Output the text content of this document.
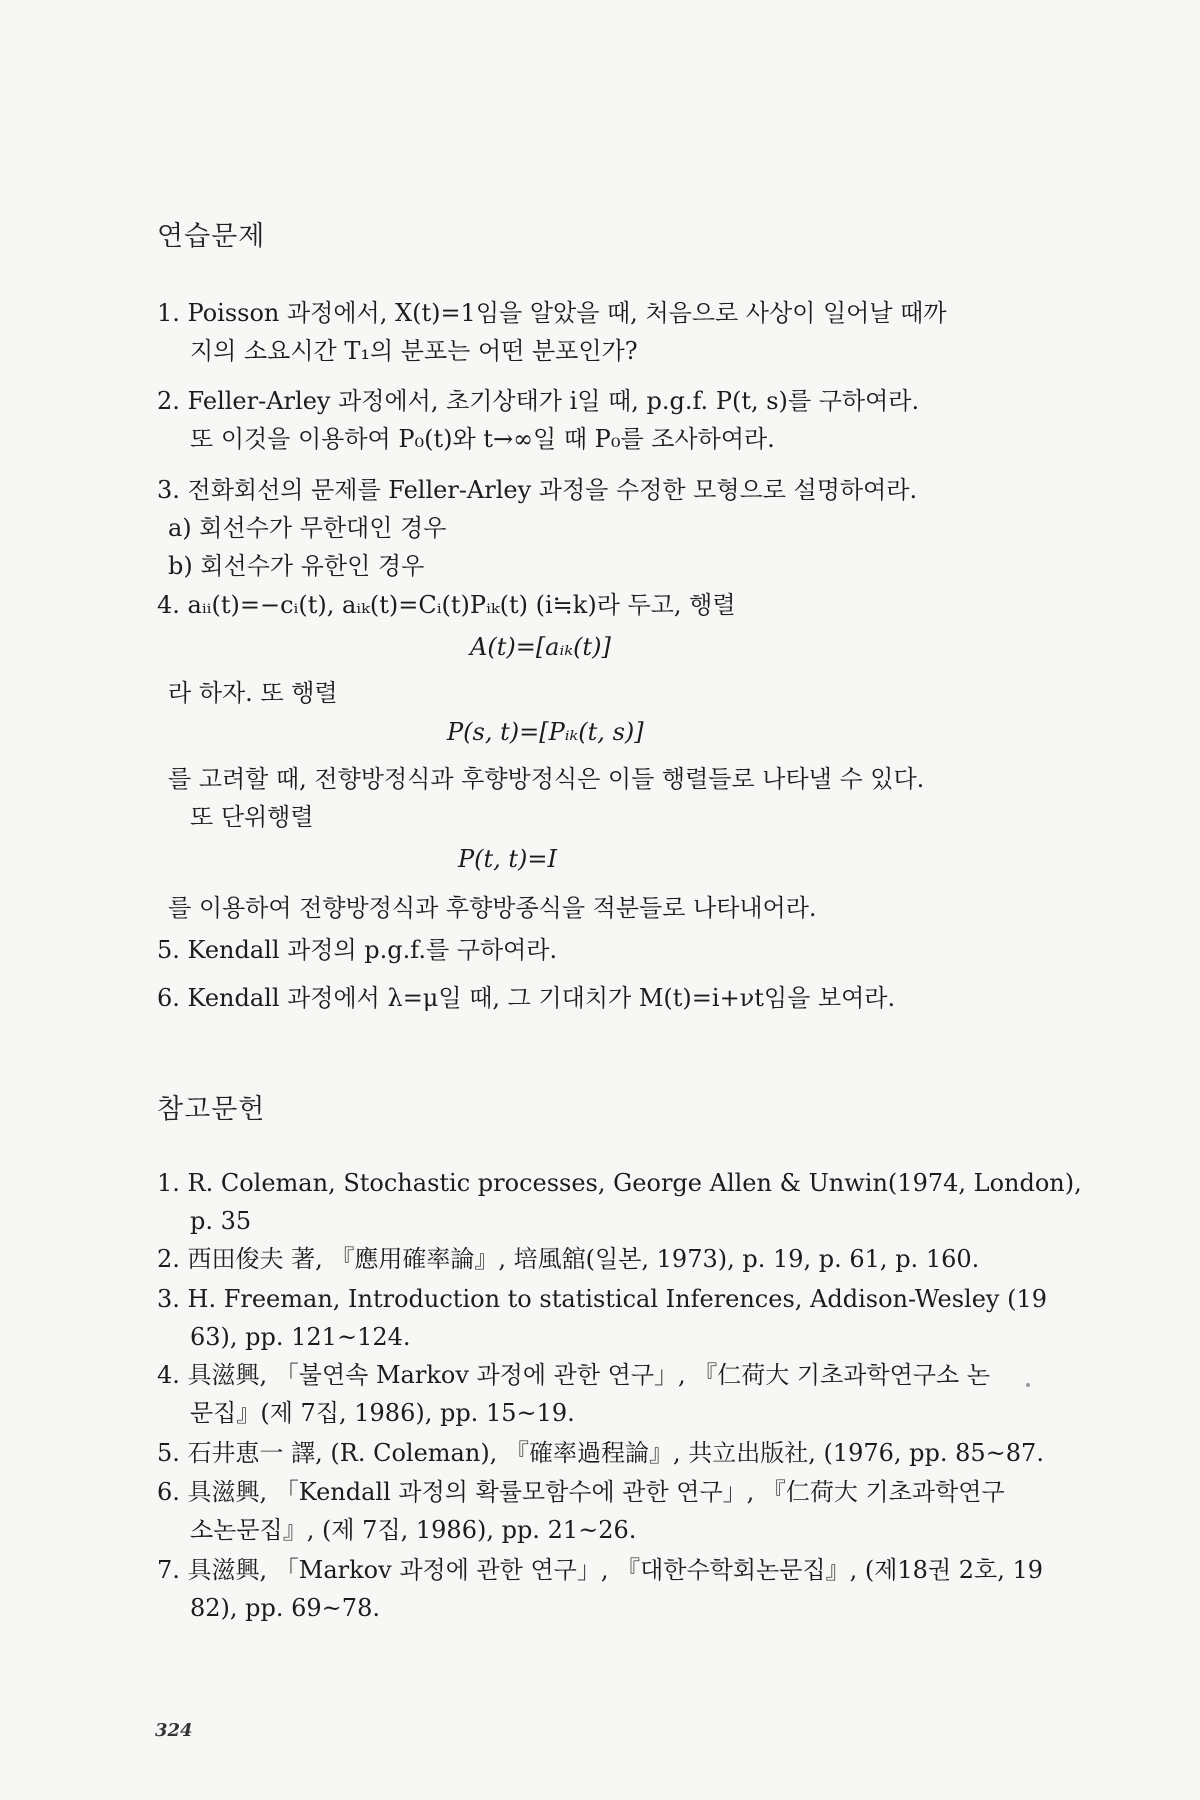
연습문제
1. Poisson 과정에서, X(t)=1임을 알았을 때, 처음으로 사상이 일어날 때까
지의 소요시간 T₁의 분포는 어떤 분포인가?
2. Feller-Arley 과정에서, 초기상태가 i일 때, p.g.f. P(t, s)를 구하여라.
또 이것을 이용하여 P₀(t)와 t→∞일 때 P₀를 조사하여라.
3. 전화회선의 문제를 Feller-Arley 과정을 수정한 모형으로 설명하여라.
a) 회선수가 무한대인 경우
b) 회선수가 유한인 경우
4. aᵢᵢ(t)=−cᵢ(t), aᵢₖ(t)=Cᵢ(t)Pᵢₖ(t) (i≒k)라 두고, 행렬
A(t)=[aᵢₖ(t)]
라 하자. 또 행렬
P(s, t)=[Pᵢₖ(t, s)]
를 고려할 때, 전향방정식과 후향방정식은 이들 행렬들로 나타낼 수 있다.
또 단위행렬
P(t, t)=I
를 이용하여 전향방정식과 후향방종식을 적분들로 나타내어라.
5. Kendall 과정의 p.g.f.를 구하여라.
6. Kendall 과정에서 λ=μ일 때, 그 기대치가 M(t)=i+νt임을 보여라.
참고문헌
1. R. Coleman, Stochastic processes, George Allen & Unwin(1974, London),
p. 35
2. 西田俊夫 著, 『應用確率論』, 培風舘(일본, 1973), p. 19, p. 61, p. 160.
3. H. Freeman, Introduction to statistical Inferences, Addison-Wesley (19
63), pp. 121~124.
4. 具滋興, 「불연속 Markov 과정에 관한 연구」, 『仁荷大 기초과학연구소 논
문집』(제 7집, 1986), pp. 15~19.
5. 石井恵一 譯, (R. Coleman), 『確率過程論』, 共立出版社, (1976, pp. 85~87.
6. 具滋興, 「Kendall 과정의 확률모함수에 관한 연구」, 『仁荷大 기초과학연구
소논문집』, (제 7집, 1986), pp. 21~26.
7. 具滋興, 「Markov 과정에 관한 연구」, 『대한수학회논문집』, (제18권 2호, 19
82), pp. 69~78.
324
